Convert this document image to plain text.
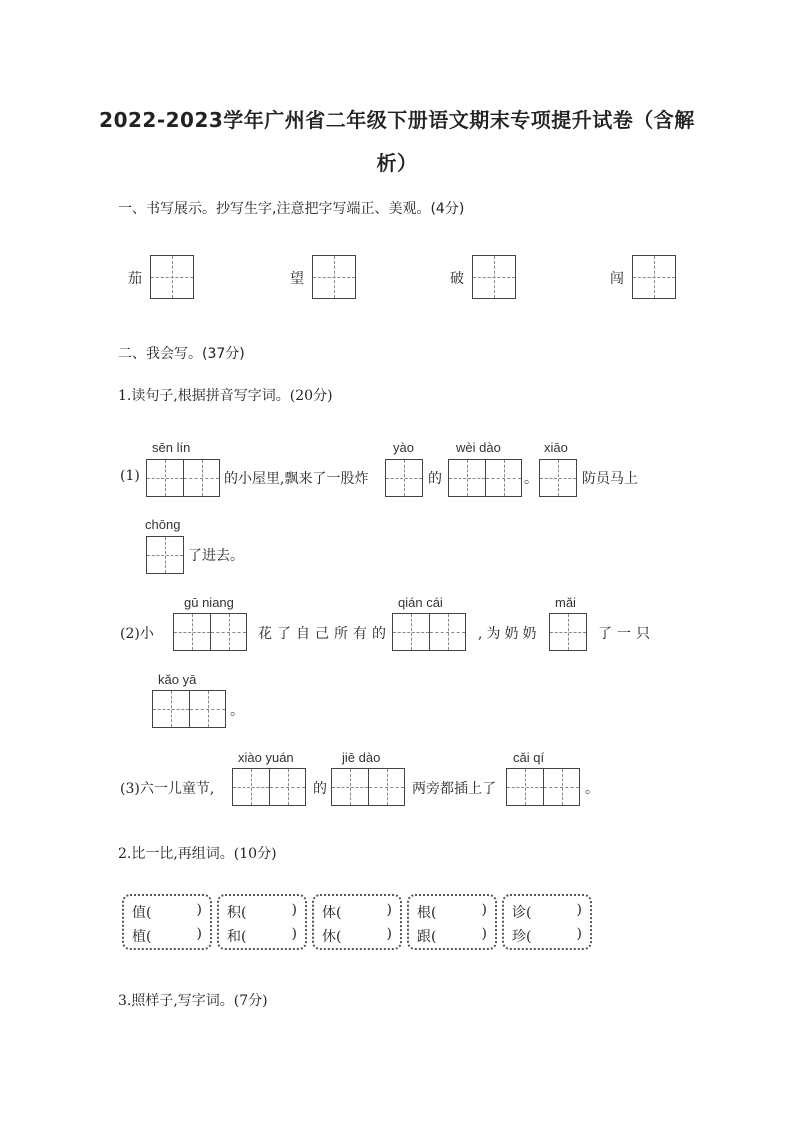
2022-2023学年广州省二年级下册语文期末专项提升试卷（含解
析）
一、书写展示。抄写生字,注意把字写端正、美观。(4分)
茄	望	破	闯
二、我会写。(37分)
1.读句子,根据拼音写字词。(20分)
sēn lín
(1)	的小屋里,飘来了一股炸
yào
的
wèi dào
。
xiāo
防员马上
chōng
了进去。
gū niang
(2)小	花了自己所有的
qián cái
,为奶奶
mǎi
了一只
kǎo yā
。
xiào yuán
(3)六一儿童节,	的
jiē dào
两旁都插上了
cǎi qí
。
2.比一比,再组词。(10分)
值(	)
植(	)
积(	)
和(	)
体(	)
休(	)
根(	)
跟(	)
诊(	)
珍(	)
3.照样子,写字词。(7分)
